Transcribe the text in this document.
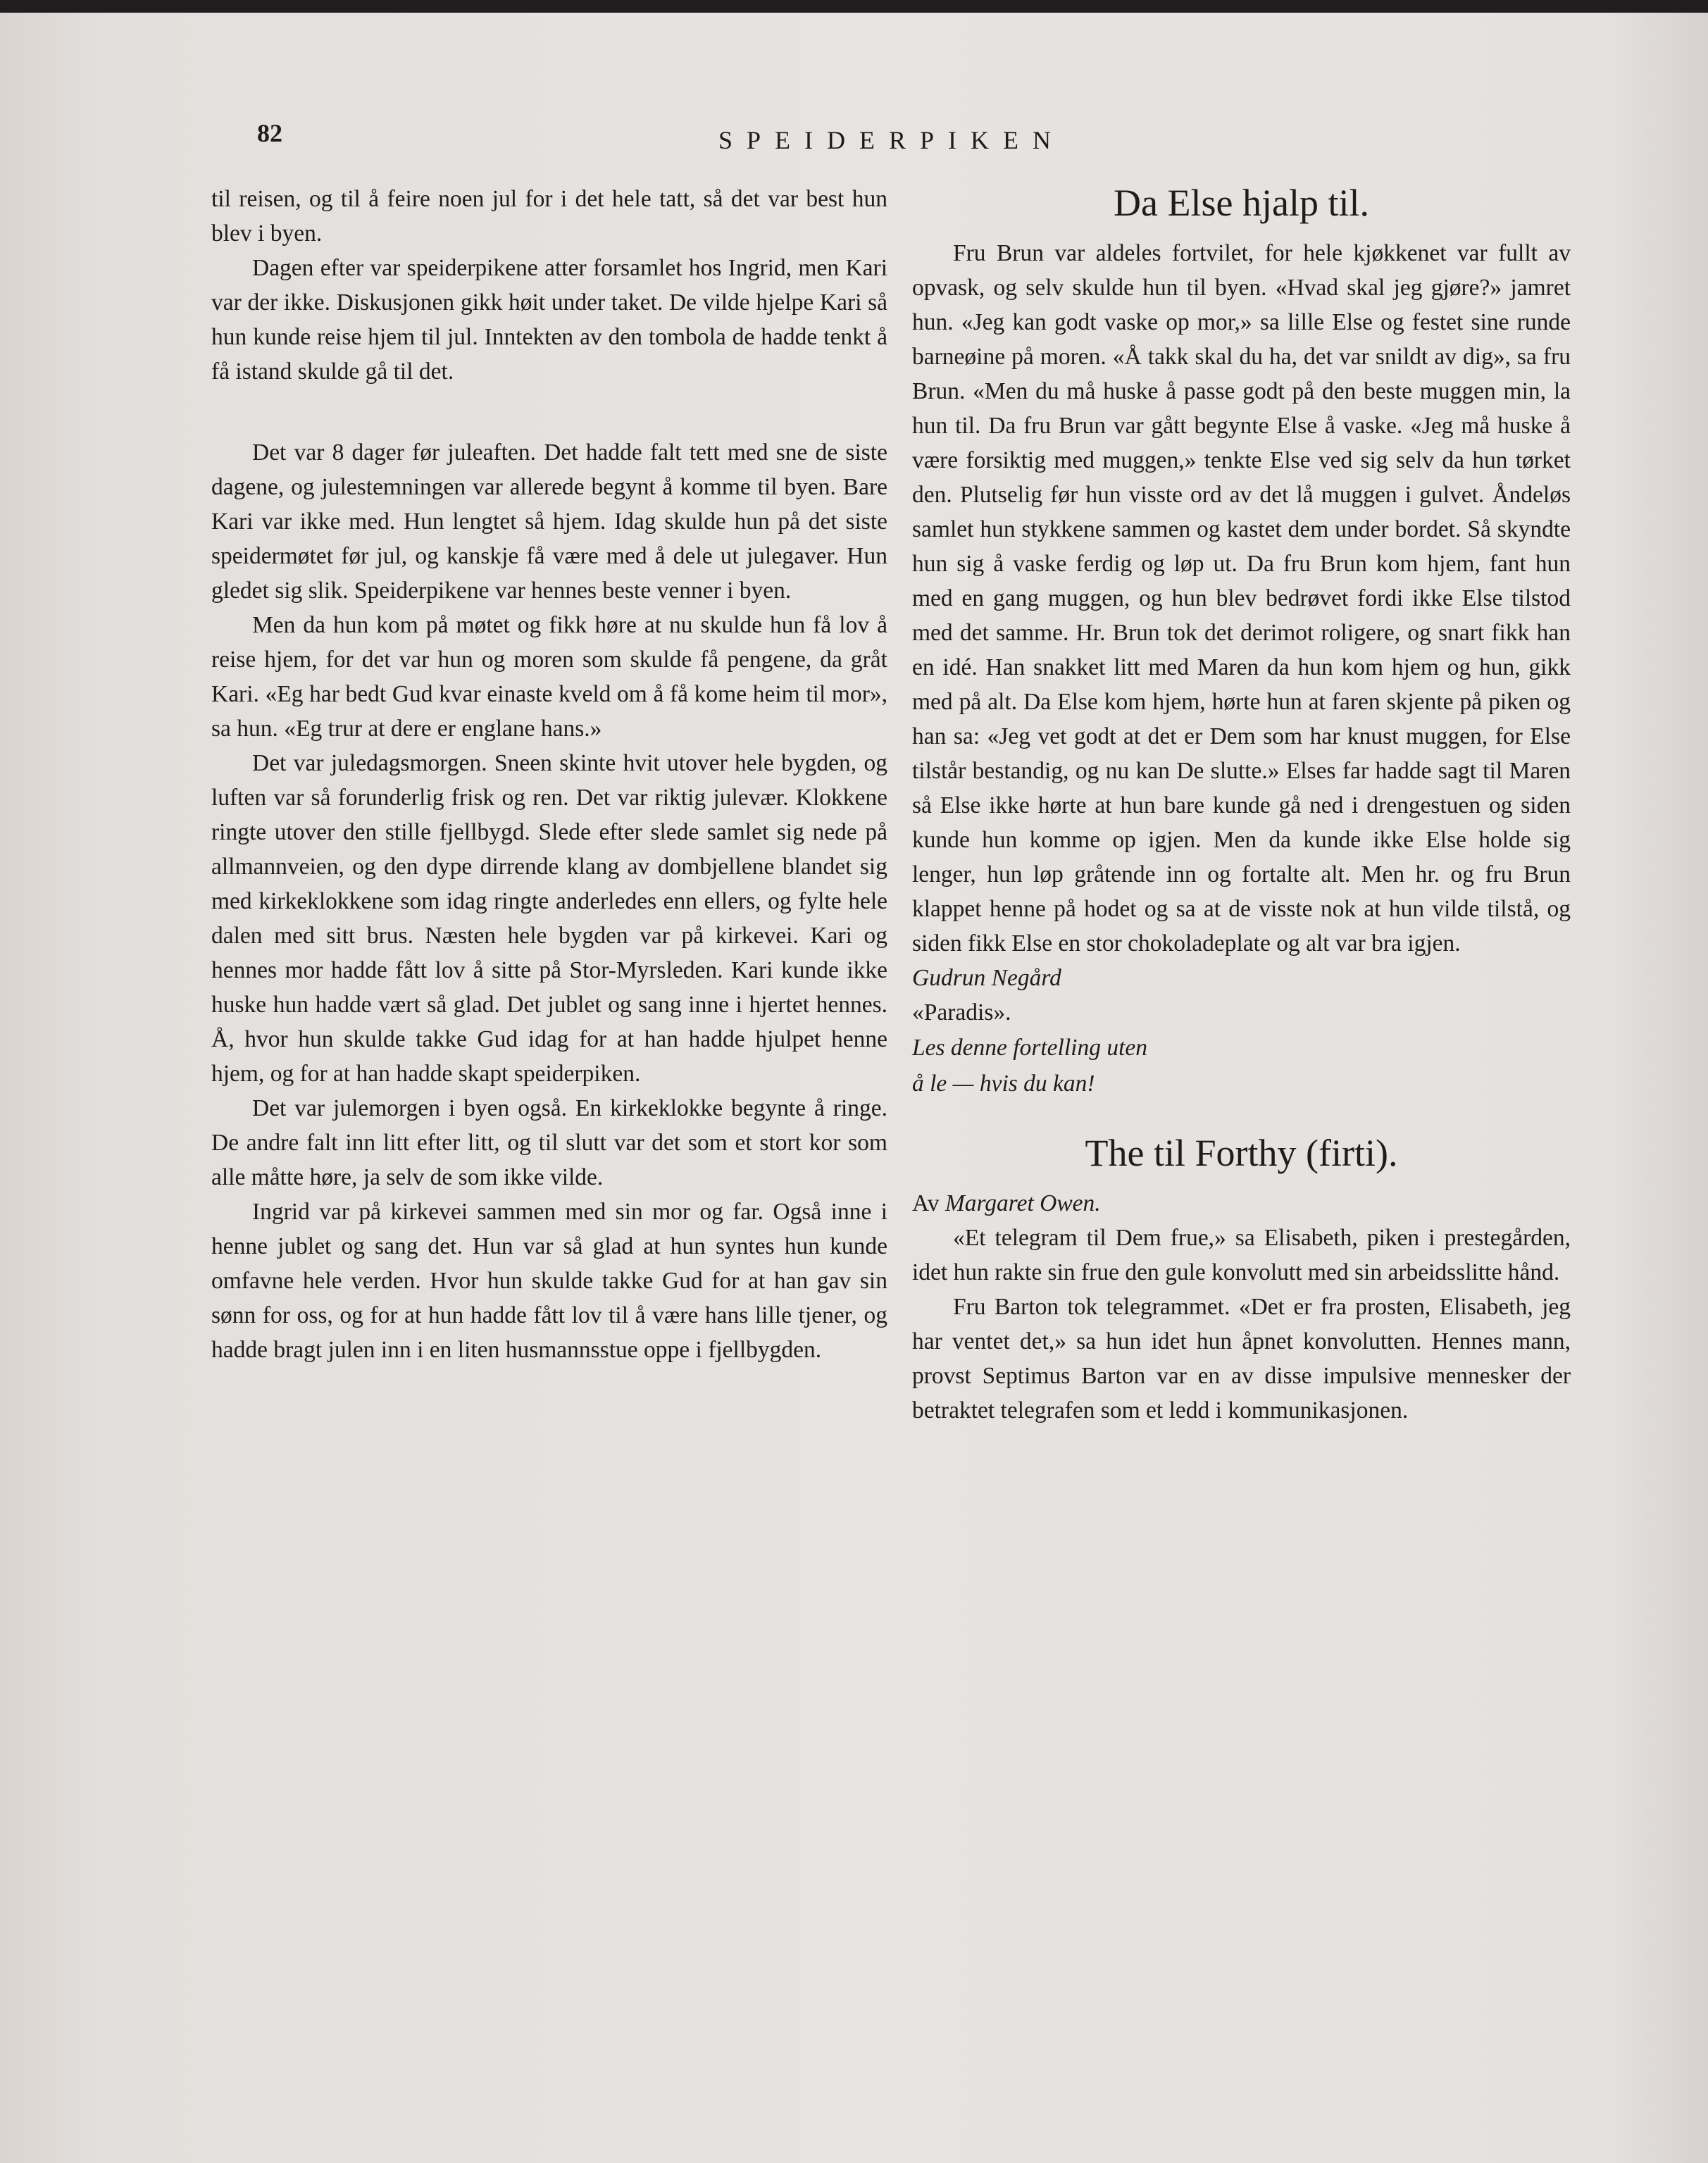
82	SPEIDERPIKEN

til reisen, og til å feire noen jul for i det hele tatt, så det var best hun blev i byen.

Dagen efter var speiderpikene atter forsamlet hos Ingrid, men Kari var der ikke. Diskusjonen gikk høit under taket. De vilde hjelpe Kari så hun kunde reise hjem til jul. Inntekten av den tombola de hadde tenkt å få istand skulde gå til det.

Det var 8 dager før juleaften. Det hadde falt tett med sne de siste dagene, og julestemningen var allerede begynt å komme til byen. Bare Kari var ikke med. Hun lengtet så hjem. Idag skulde hun på det siste speidermøtet før jul, og kanskje få være med å dele ut julegaver. Hun gledet sig slik. Speiderpikene var hennes beste venner i byen.

Men da hun kom på møtet og fikk høre at nu skulde hun få lov å reise hjem, for det var hun og moren som skulde få pengene, da gråt Kari. «Eg har bedt Gud kvar einaste kveld om å få kome heim til mor», sa hun. «Eg trur at dere er englane hans.»

Det var juledagsmorgen. Sneen skinte hvit utover hele bygden, og luften var så forunderlig frisk og ren. Det var riktig julevær. Klokkene ringte utover den stille fjellbygd. Slede efter slede samlet sig nede på allmannveien, og den dype dirrende klang av dombjellene blandet sig med kirkeklokkene som idag ringte anderledes enn ellers, og fylte hele dalen med sitt brus. Næsten hele bygden var på kirkevei. Kari og hennes mor hadde fått lov å sitte på Stor-Myrsleden. Kari kunde ikke huske hun hadde vært så glad. Det jublet og sang inne i hjertet hennes. Å, hvor hun skulde takke Gud idag for at han hadde hjulpet henne hjem, og for at han hadde skapt speiderpiken.

Det var julemorgen i byen også. En kirkeklokke begynte å ringe. De andre falt inn litt efter litt, og til slutt var det som et stort kor som alle måtte høre, ja selv de som ikke vilde.

Ingrid var på kirkevei sammen med sin mor og far. Også inne i henne jublet og sang det. Hun var så glad at hun syntes hun kunde omfavne hele verden. Hvor hun skulde takke Gud for at han gav sin sønn for oss, og for at hun hadde fått lov til å være hans lille tjener, og hadde bragt julen inn i en liten husmannsstue oppe i fjellbygden.

Da Else hjalp til.

Fru Brun var aldeles fortvilet, for hele kjøkkenet var fullt av opvask, og selv skulde hun til byen. «Hvad skal jeg gjøre?» jamret hun. «Jeg kan godt vaske op mor,» sa lille Else og festet sine runde barneøine på moren. «Å takk skal du ha, det var snildt av dig», sa fru Brun. «Men du må huske å passe godt på den beste muggen min, la hun til. Da fru Brun var gått begynte Else å vaske. «Jeg må huske å være forsiktig med muggen,» tenkte Else ved sig selv da hun tørket den. Plutselig før hun visste ord av det lå muggen i gulvet. Åndeløs samlet hun stykkene sammen og kastet dem under bordet. Så skyndte hun sig å vaske ferdig og løp ut. Da fru Brun kom hjem, fant hun med en gang muggen, og hun blev bedrøvet fordi ikke Else tilstod med det samme. Hr. Brun tok det derimot roligere, og snart fikk han en idé. Han snakket litt med Maren da hun kom hjem og hun, gikk med på alt. Da Else kom hjem, hørte hun at faren skjente på piken og han sa: «Jeg vet godt at det er Dem som har knust muggen, for Else tilstår bestandig, og nu kan De slutte.» Elses far hadde sagt til Maren så Else ikke hørte at hun bare kunde gå ned i drengestuen og siden kunde hun komme op igjen. Men da kunde ikke Else holde sig lenger, hun løp gråtende inn og fortalte alt. Men hr. og fru Brun klappet henne på hodet og sa at de visste nok at hun vilde tilstå, og siden fikk Else en stor chokoladeplate og alt var bra igjen.

Gudrun Negård

«Paradis».

Les denne fortelling uten
å le — hvis du kan!

The til Forthy (firti).

Av Margaret Owen.

«Et telegram til Dem frue,» sa Elisabeth, piken i prestegården, idet hun rakte sin frue den gule konvolutt med sin arbeidsslitte hånd.

Fru Barton tok telegrammet. «Det er fra prosten, Elisabeth, jeg har ventet det,» sa hun idet hun åpnet konvolutten. Hennes mann, provst Septimus Barton var en av disse impulsive mennesker der betraktet telegrafen som et ledd i kommunikasjonen.
